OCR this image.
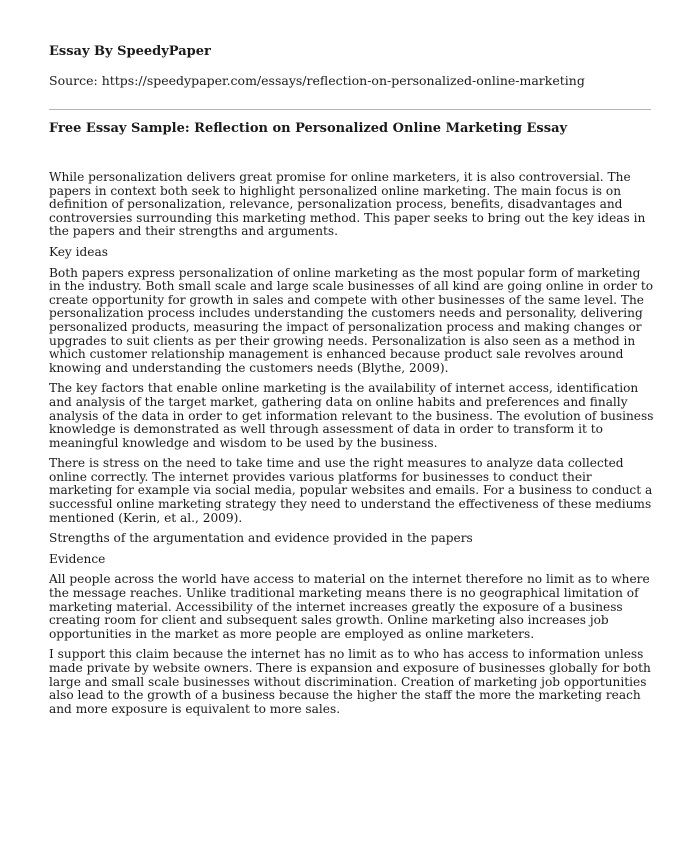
Essay By SpeedyPaper
Source: https://speedypaper.com/essays/reflection-on-personalized-online-marketing
Free Essay Sample: Reflection on Personalized Online Marketing Essay

While personalization delivers great promise for online marketers, it is also controversial. The papers in context both seek to highlight personalized online marketing. The main focus is on definition of personalization, relevance, personalization process, benefits, disadvantages and controversies surrounding this marketing method. This paper seeks to bring out the key ideas in the papers and their strengths and arguments.

Key ideas

Both papers express personalization of online marketing as the most popular form of marketing in the industry. Both small scale and large scale businesses of all kind are going online in order to create opportunity for growth in sales and compete with other businesses of the same level. The personalization process includes understanding the customers needs and personality, delivering personalized products, measuring the impact of personalization process and making changes or upgrades to suit clients as per their growing needs. Personalization is also seen as a method in which customer relationship management is enhanced because product sale revolves around knowing and understanding the customers needs (Blythe, 2009).

The key factors that enable online marketing is the availability of internet access, identification and analysis of the target market, gathering data on online habits and preferences and finally analysis of the data in order to get information relevant to the business. The evolution of business knowledge is demonstrated as well through assessment of data in order to transform it to meaningful knowledge and wisdom to be used by the business.

There is stress on the need to take time and use the right measures to analyze data collected online correctly. The internet provides various platforms for businesses to conduct their marketing for example via social media, popular websites and emails. For a business to conduct a successful online marketing strategy they need to understand the effectiveness of these mediums mentioned (Kerin, et al., 2009).

Strengths of the argumentation and evidence provided in the papers

Evidence

All people across the world have access to material on the internet therefore no limit as to where the message reaches. Unlike traditional marketing means there is no geographical limitation of marketing material. Accessibility of the internet increases greatly the exposure of a business creating room for client and subsequent sales growth. Online marketing also increases job opportunities in the market as more people are employed as online marketers.

I support this claim because the internet has no limit as to who has access to information unless made private by website owners. There is expansion and exposure of businesses globally for both large and small scale businesses without discrimination. Creation of marketing job opportunities also lead to the growth of a business because the higher the staff the more the marketing reach and more exposure is equivalent to more sales.
